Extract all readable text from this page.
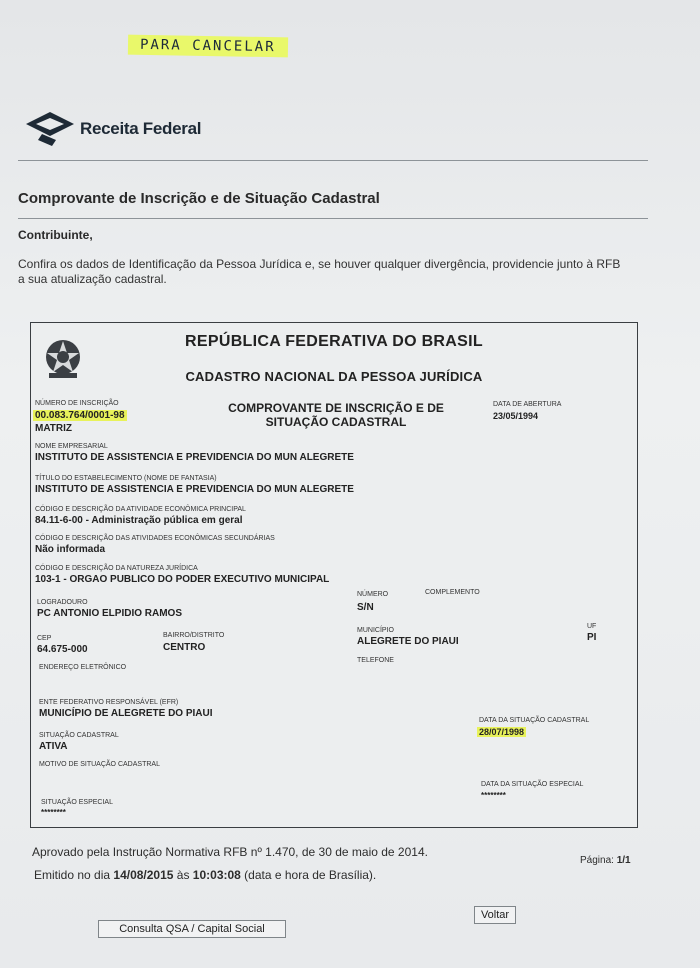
PARA CANCELAR
Receita Federal
Comprovante de Inscrição e de Situação Cadastral
Contribuinte,
Confira os dados de Identificação da Pessoa Jurídica e, se houver qualquer divergência, providencie junto à RFB a sua atualização cadastral.
REPÚBLICA FEDERATIVA DO BRASIL
CADASTRO NACIONAL DA PESSOA JURÍDICA
NÚMERO DE INSCRIÇÃO
00.083.764/0001-98
MATRIZ
COMPROVANTE DE INSCRIÇÃO E DE SITUAÇÃO CADASTRAL
DATA DE ABERTURA
23/05/1994
NOME EMPRESARIAL
INSTITUTO DE ASSISTENCIA E PREVIDENCIA DO MUN ALEGRETE
TÍTULO DO ESTABELECIMENTO (NOME DE FANTASIA)
INSTITUTO DE ASSISTENCIA E PREVIDENCIA DO MUN ALEGRETE
CÓDIGO E DESCRIÇÃO DA ATIVIDADE ECONÔMICA PRINCIPAL
84.11-6-00 - Administração pública em geral
CÓDIGO E DESCRIÇÃO DAS ATIVIDADES ECONÔMICAS SECUNDÁRIAS
Não informada
CÓDIGO E DESCRIÇÃO DA NATUREZA JURÍDICA
103-1 - ORGAO PUBLICO DO PODER EXECUTIVO MUNICIPAL
LOGRADOURO
PC ANTONIO ELPIDIO RAMOS
NÚMERO
S/N
COMPLEMENTO
CEP
64.675-000
BAIRRO/DISTRITO
CENTRO
MUNICÍPIO
ALEGRETE DO PIAUI
UF
PI
ENDEREÇO ELETRÔNICO
TELEFONE
ENTE FEDERATIVO RESPONSÁVEL (EFR)
MUNICÍPIO DE ALEGRETE DO PIAUI
DATA DA SITUAÇÃO CADASTRAL
28/07/1998
SITUAÇÃO CADASTRAL
ATIVA
MOTIVO DE SITUAÇÃO CADASTRAL
DATA DA SITUAÇÃO ESPECIAL
********
SITUAÇÃO ESPECIAL
********
Aprovado pela Instrução Normativa RFB nº 1.470, de 30 de maio de 2014.
Emitido no dia 14/08/2015 às 10:03:08 (data e hora de Brasília).
Página: 1/1
Voltar
Consulta QSA / Capital Social
